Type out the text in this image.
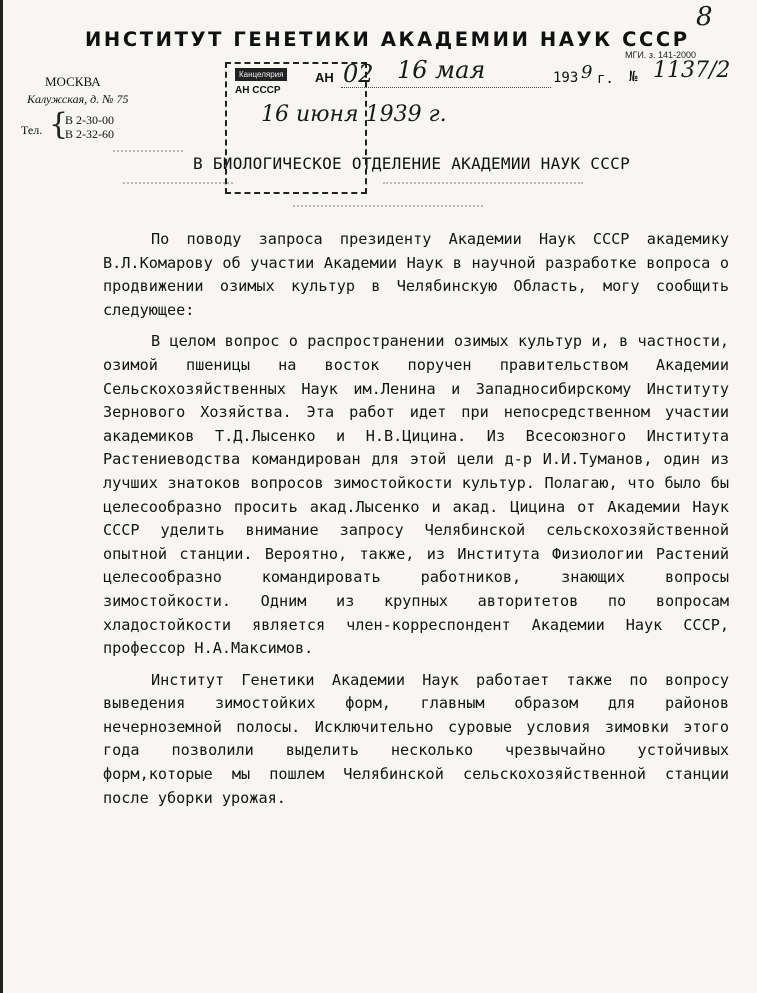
8
ИНСТИТУТ ГЕНЕТИКИ АКАДЕМИИ НАУК СССР
МГИ. з. 141-2000
МОСКВА
Калужская, д. № 75
Тел. {
В 2-30-00
В 2-32-60
Канцелярия
АН СССР
АН 02 16 мая
16 июня 1939 г.
193 9 г. № 1137/2
В БИОЛОГИЧЕСКОЕ ОТДЕЛЕНИЕ АКАДЕМИИ НАУК СССР

По поводу запроса президенту Академии Наук СССР академику В.Л.Комарову об участии Академии Наук в научной разработке вопроса о продвижении озимых культур в Челябинскую Область, могу сообщить следующее:

В целом вопрос о распространении озимых культур и, в частности, озимой пшеницы на восток поручен правительством Академии Сельскохозяйственных Наук им.Ленина и Западносибирскому Институту Зернового Хозяйства. Эта работ идет при непосредственном участии академиков Т.Д.Лысенко и Н.В.Цицина. Из Всесоюзного Института Растениеводства командирован для этой цели д-р И.И.Туманов, один из лучших знатоков вопросов зимостойкости культур. Полагаю, что было бы целесообразно просить акад.Лысенко и акад. Цицина от Академии Наук СССР уделить внимание запросу Челябинской сельскохозяйственной опытной станции. Вероятно, также, из Института Физиологии Растений целесообразно командировать работников, знающих вопросы зимостойкости. Одним из крупных авторитетов по вопросам хладостойкости является член-корреспондент Академии Наук СССР, профессор Н.А.Максимов.

Институт Генетики Академии Наук работает также по вопросу выведения зимостойких форм, главным образом для районов нечерноземной полосы. Исключительно суровые условия зимовки этого года позволили выделить несколько чрезвычайно устойчивых форм,которые мы пошлем Челябинской сельскохозяйственной станции после уборки урожая.
